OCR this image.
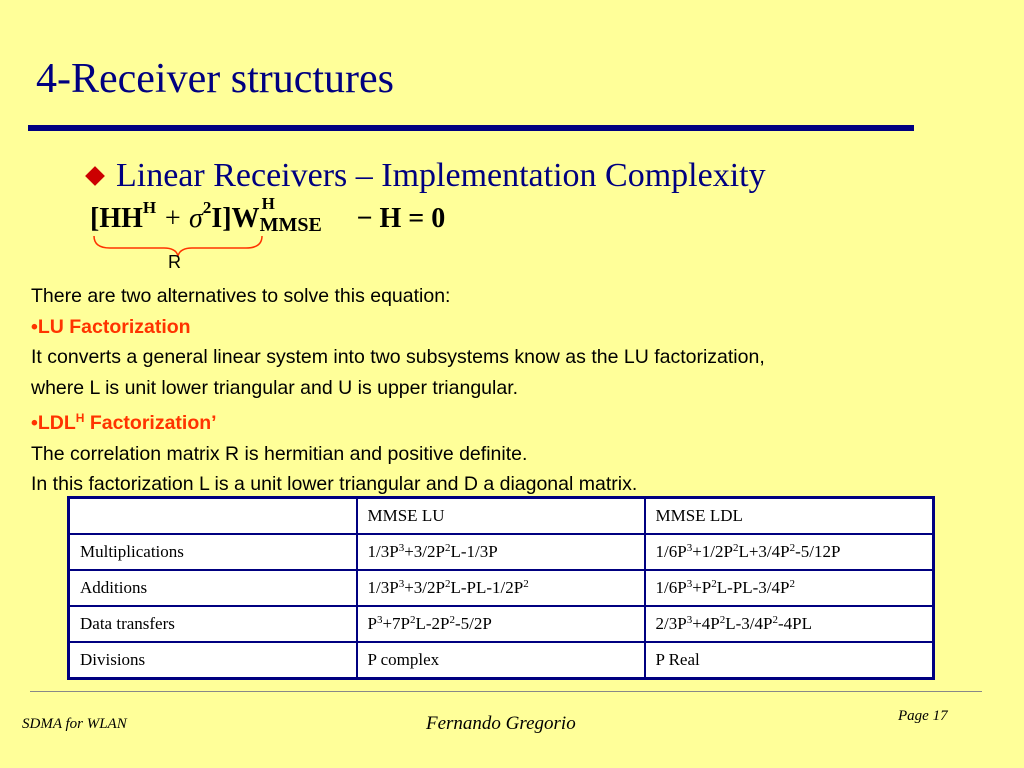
4-Receiver structures
Linear Receivers – Implementation Complexity
$[HH^H + \sigma^2I]W$ H
MMSE − H = 0
R

There are two alternatives to solve this equation:

•LU Factorization

It converts a general linear system into two subsystems know as the LU factorization,

where L is unit lower triangular and U is upper triangular.

$•LDL^H$ Factorization’

The correlation matrix R is hermitian and positive definite.

In this factorization L is a unit lower triangular and D a diagonal matrix.

	MMSE LU	MMSE LDL
Multiplications	$1/3P^3+3/2P^2L-1/3P$	$1/6P^3+1/2P^2L+3/4P^2-5/12P$
Additions	$1/3P^3+3/2P^2L-PL-1/2P^2$	$1/6P^3+P^2L-PL-3/4P^2$
Data transfers	$P^3+7P^2L-2P^2-5/2P$	$2/3P^3+4P^2L-3/4P^2-4PL$
Divisions	P complex	P Real
SDMA for WLAN	Fernando Gregorio	Page 17
